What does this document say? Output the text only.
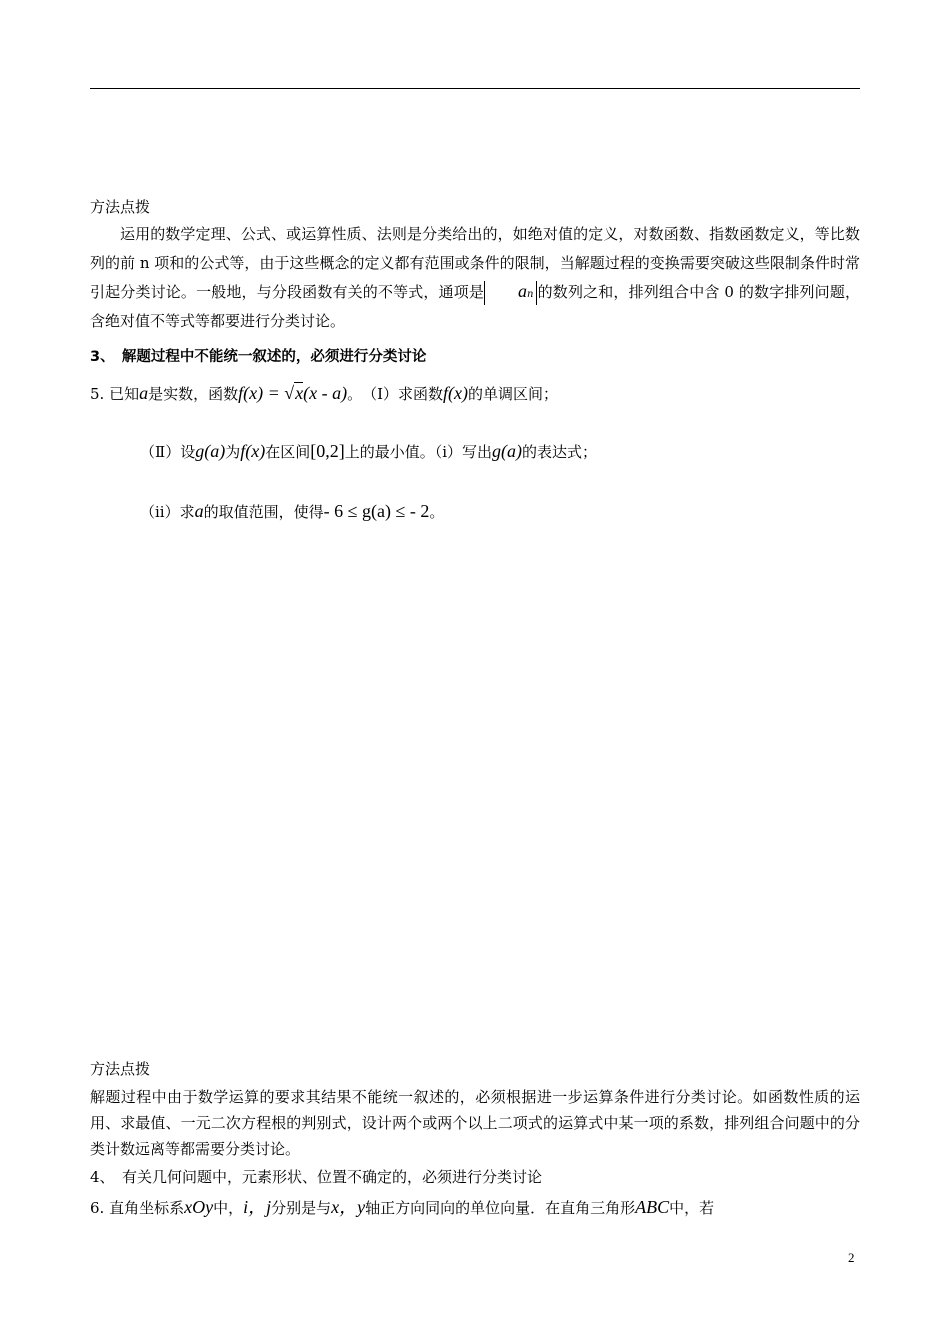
方法点拨
运用的数学定理、公式、或运算性质、法则是分类给出的，如绝对值的定义，对数函数、指数函数定义，等比数列的前 n 项和的公式等，由于这些概念的定义都有范围或条件的限制，当解题过程的变换需要突破这些限制条件时常引起分类讨论。一般地，与分段函数有关的不等式，通项是 an 的数列之和，排列组合中含 0 的数字排列问题，含绝对值不等式等都要进行分类讨论。
3、　解题过程中不能统一叙述的，必须进行分类讨论
5. 已知a是实数，函数f(x) = √x(x - a)。　（Ⅰ）求函数f(x)的单调区间；
（Ⅱ）设g(a)为f(x)在区间[0,2]上的最小值。（i）写出g(a)的表达式；
（ii）求a的取值范围，使得- 6 ≤ g(a) ≤ - 2。
方法点拨
解题过程中由于数学运算的要求其结果不能统一叙述的，必须根据进一步运算条件进行分类讨论。如函数性质的运用、求最值、一元二次方程根的判别式，设计两个或两个以上二项式的运算式中某一项的系数，排列组合问题中的分类计数远离等都需要分类讨论。
4、　有关几何问题中，元素形状、位置不确定的，必须进行分类讨论
6. 直角坐标系xOy中，i，j分别是与x，y轴正方向同向的单位向量．在直角三角形ABC中，若
2
